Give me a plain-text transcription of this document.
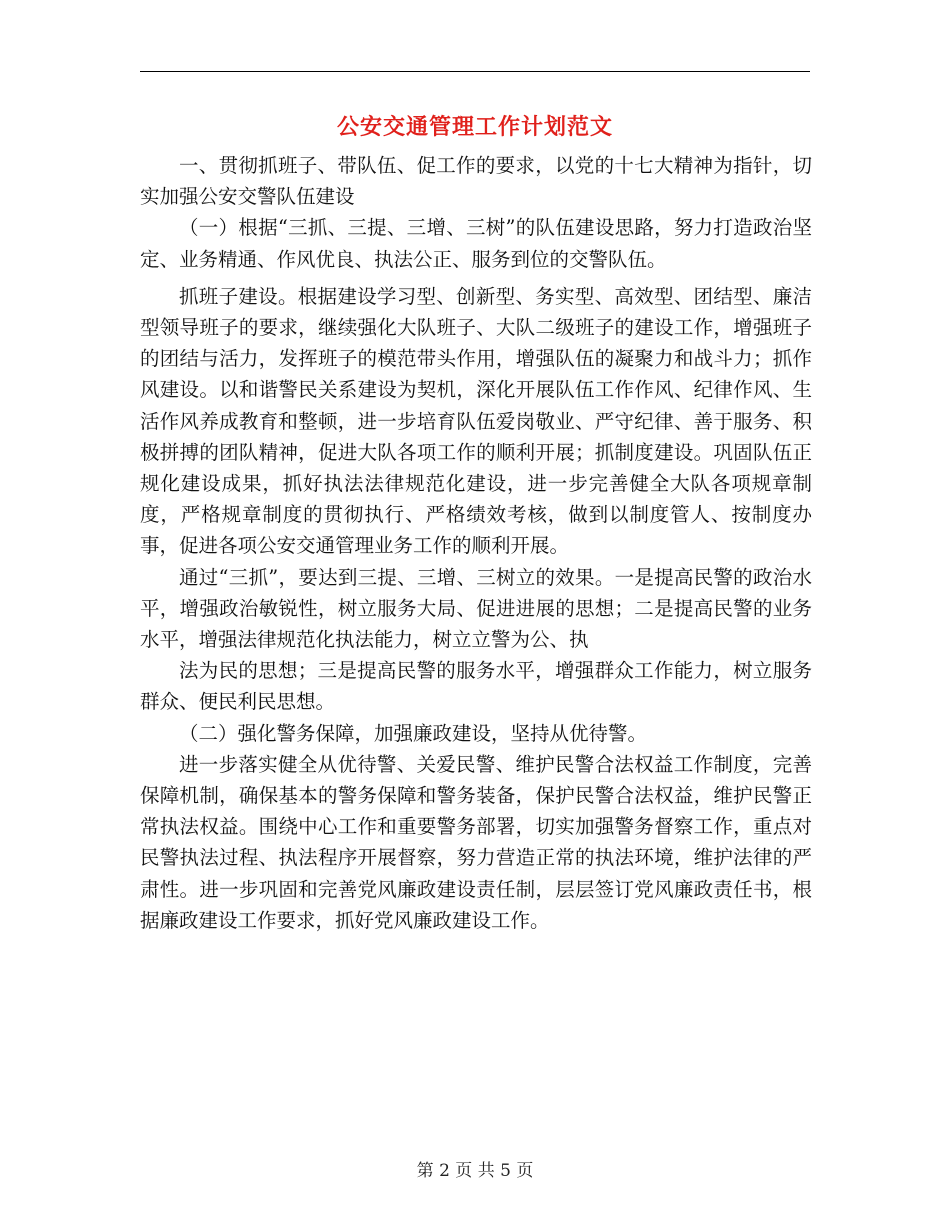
公安交通管理工作计划范文

一、贯彻抓班子、带队伍、促工作的要求，以党的十七大精神为指针，切实加强公安交警队伍建设

（一）根据“三抓、三提、三增、三树”的队伍建设思路，努力打造政治坚定、业务精通、作风优良、执法公正、服务到位的交警队伍。

抓班子建设。根据建设学习型、创新型、务实型、高效型、团结型、廉洁型领导班子的要求，继续强化大队班子、大队二级班子的建设工作，增强班子的团结与活力，发挥班子的模范带头作用，增强队伍的凝聚力和战斗力；抓作风建设。以和谐警民关系建设为契机，深化开展队伍工作作风、纪律作风、生活作风养成教育和整顿，进一步培育队伍爱岗敬业、严守纪律、善于服务、积极拼搏的团队精神，促进大队各项工作的顺利开展；抓制度建设。巩固队伍正规化建设成果，抓好执法法律规范化建设，进一步完善健全大队各项规章制度，严格规章制度的贯彻执行、严格绩效考核，做到以制度管人、按制度办事，促进各项公安交通管理业务工作的顺利开展。

通过“三抓”，要达到三提、三增、三树立的效果。一是提高民警的政治水平，增强政治敏锐性，树立服务大局、促进进展的思想；二是提高民警的业务水平，增强法律规范化执法能力，树立立警为公、执

法为民的思想；三是提高民警的服务水平，增强群众工作能力，树立服务群众、便民利民思想。

（二）强化警务保障，加强廉政建设，坚持从优待警。

进一步落实健全从优待警、关爱民警、维护民警合法权益工作制度，完善保障机制，确保基本的警务保障和警务装备，保护民警合法权益，维护民警正常执法权益。围绕中心工作和重要警务部署，切实加强警务督察工作，重点对民警执法过程、执法程序开展督察，努力营造正常的执法环境，维护法律的严肃性。进一步巩固和完善党风廉政建设责任制，层层签订党风廉政责任书，根据廉政建设工作要求，抓好党风廉政建设工作。

第 2 页 共 5 页
